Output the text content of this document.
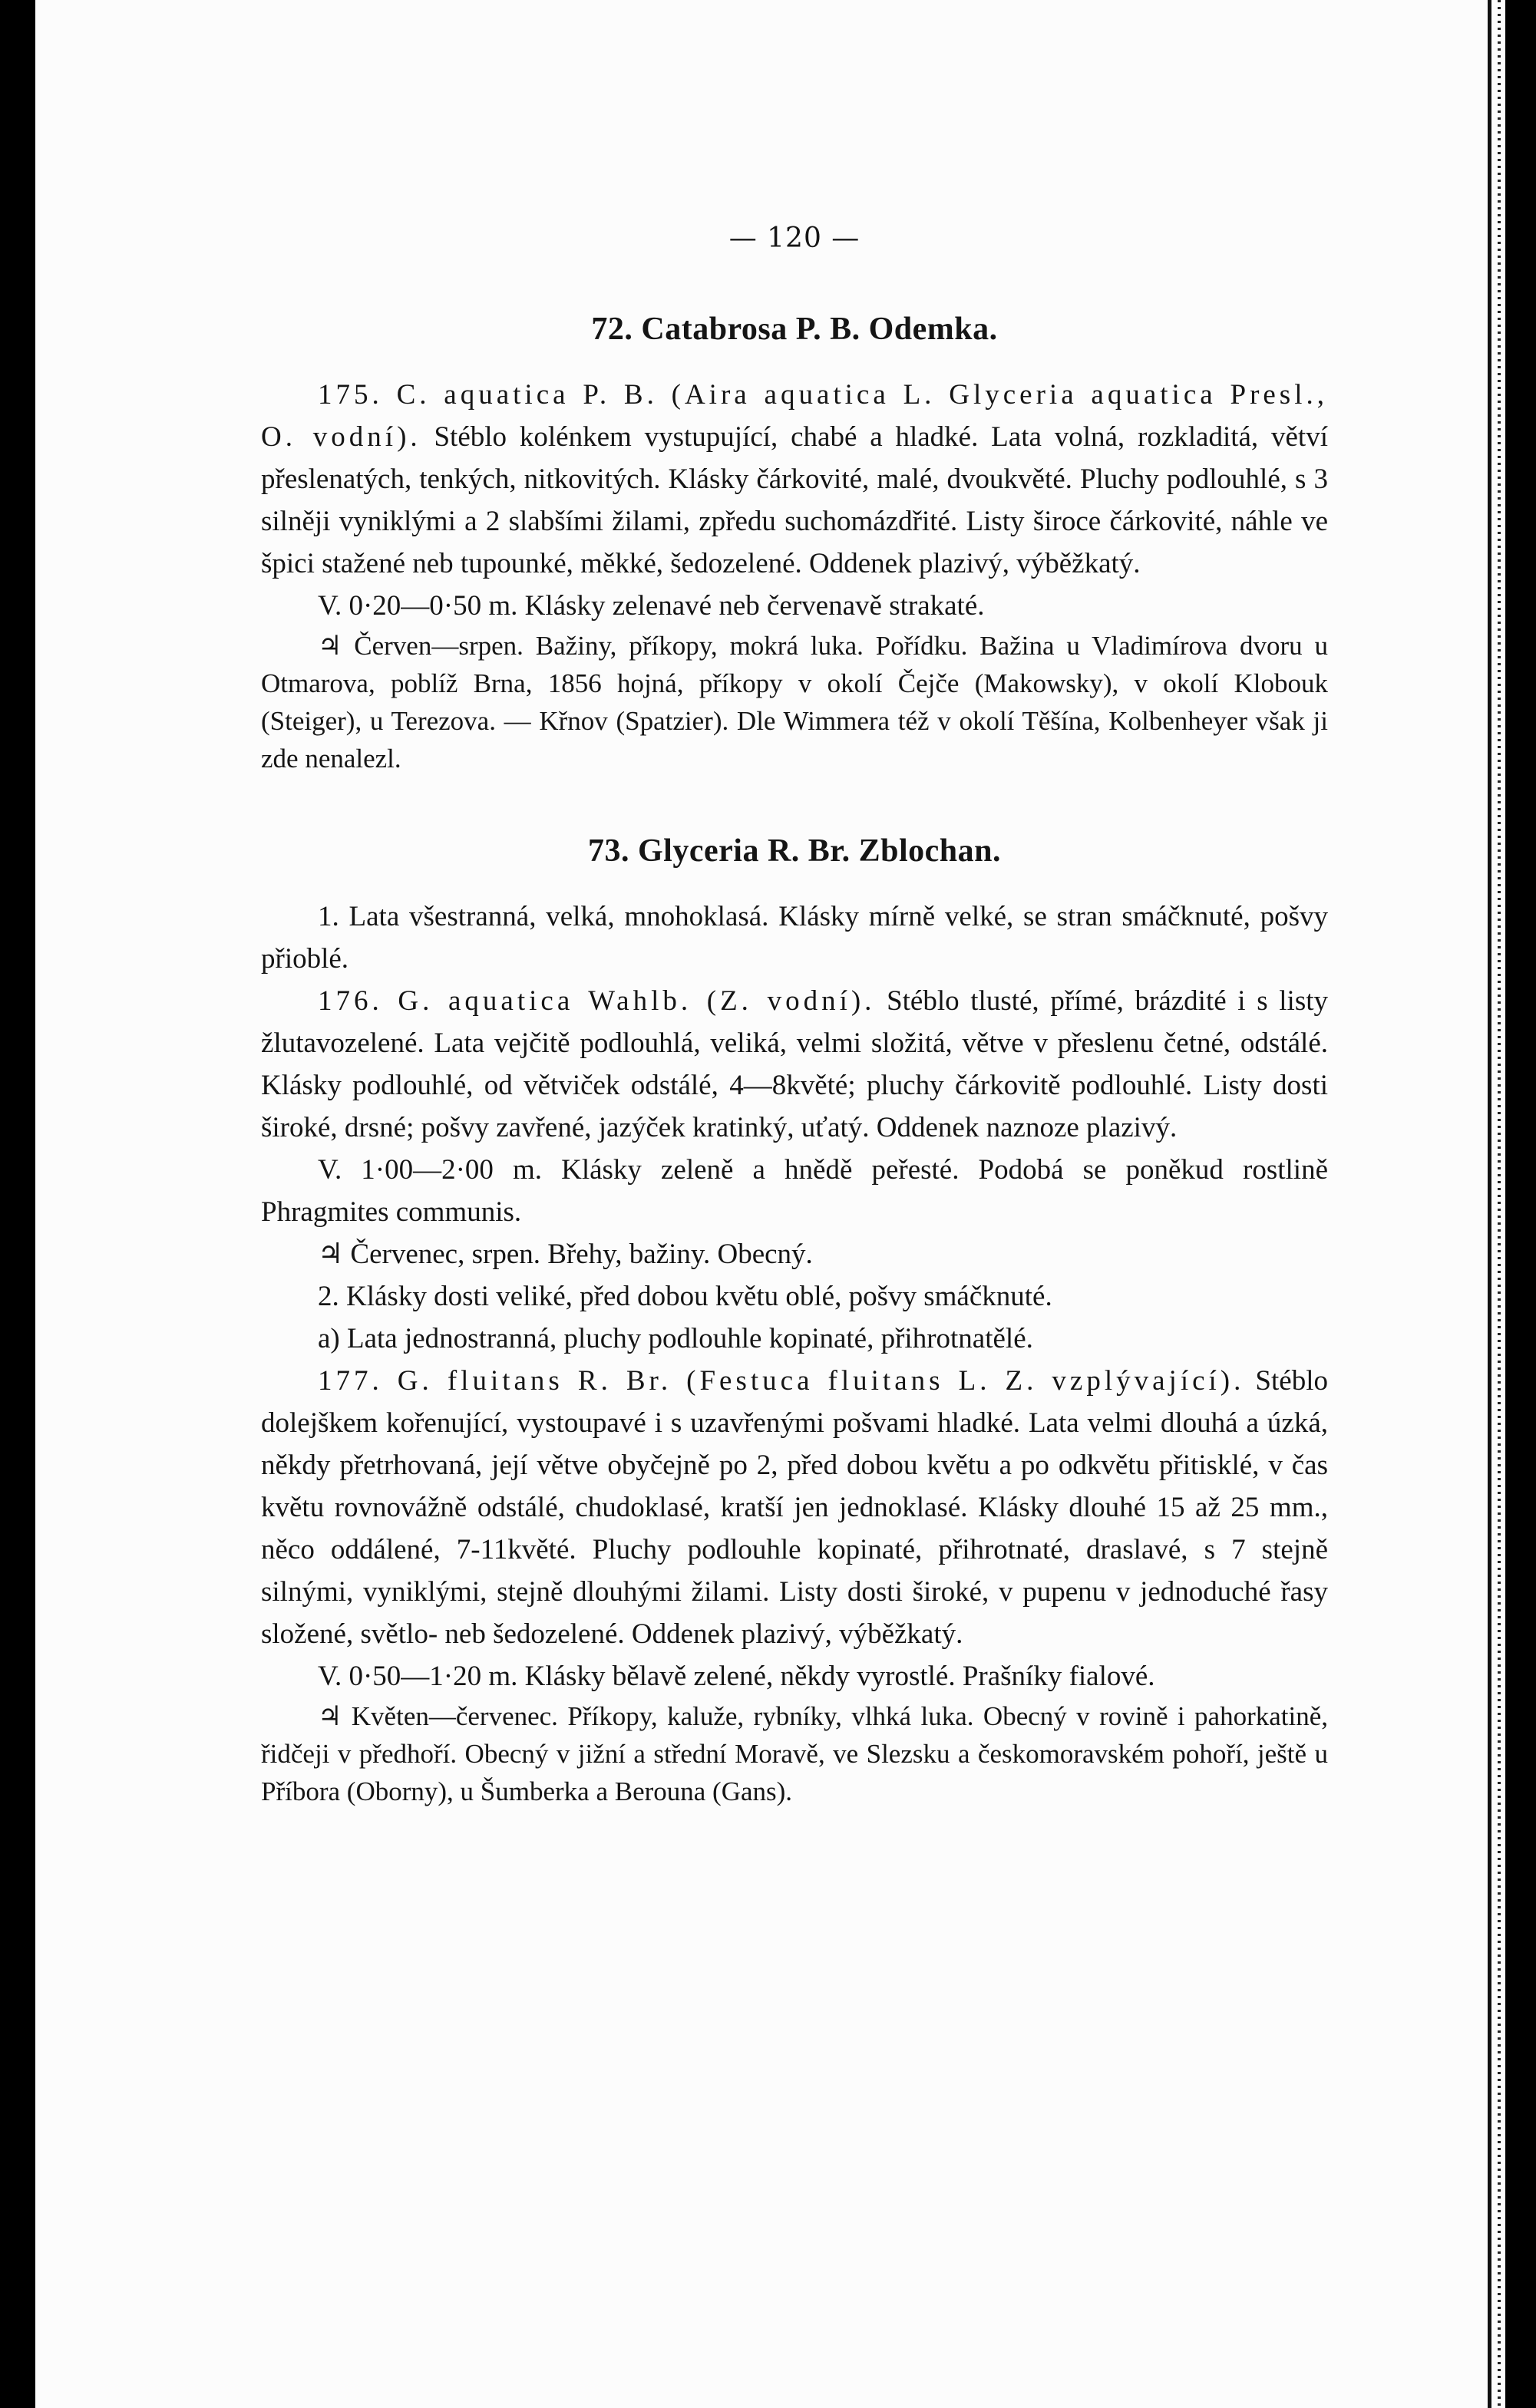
— 120 —
72. Catabrosa P. B. Odemka.

175. C. aquatica P. B. (Aira aquatica L. Glyceria aquatica Presl., O. vodní). Stéblo kolénkem vystupující, chabé a hladké. Lata volná, rozkladitá, větví přeslenatých, tenkých, nitkovitých. Klásky čárkovité, malé, dvoukvěté. Pluchy podlouhlé, s 3 silněji vyniklými a 2 slabšími žilami, zpředu suchomázdřité. Listy široce čárkovité, náhle ve špici stažené neb tupounké, měkké, šedozelené. Oddenek plazivý, výběžkatý.

V. 0·20—0·50 m. Klásky zelenavé neb červenavě strakaté.

♃ Červen—srpen. Bažiny, příkopy, mokrá luka. Pořídku. Bažina u Vladimírova dvoru u Otmarova, poblíž Brna, 1856 hojná, příkopy v okolí Čejče (Makowsky), v okolí Klobouk (Steiger), u Terezova. — Křnov (Spatzier). Dle Wimmera též v okolí Těšína, Kolbenheyer však ji zde nenalezl.

73. Glyceria R. Br. Zblochan.

1. Lata všestranná, velká, mnohoklasá. Klásky mírně velké, se stran smáčknuté, pošvy přioblé.

176. G. aquatica Wahlb. (Z. vodní). Stéblo tlusté, přímé, brázdité i s listy žlutavozelené. Lata vejčitě podlouhlá, veliká, velmi složitá, větve v přeslenu četné, odstálé. Klásky podlouhlé, od větviček odstálé, 4—8květé; pluchy čárkovitě podlouhlé. Listy dosti široké, drsné; pošvy zavřené, jazýček kratinký, uťatý. Oddenek naznoze plazivý.

V. 1·00—2·00 m. Klásky zeleně a hnědě peřesté. Podobá se poněkud rostlině Phragmites communis.

♃ Červenec, srpen. Břehy, bažiny. Obecný.

2. Klásky dosti veliké, před dobou květu oblé, pošvy smáčknuté.

a) Lata jednostranná, pluchy podlouhle kopinaté, přihrotnatělé.

177. G. fluitans R. Br. (Festuca fluitans L. Z. vzplývající). Stéblo dolejškem kořenující, vystoupavé i s uzavřenými pošvami hladké. Lata velmi dlouhá a úzká, někdy přetrhovaná, její větve obyčejně po 2, před dobou květu a po odkvětu přitisklé, v čas květu rovnovážně odstálé, chudoklasé, kratší jen jednoklasé. Klásky dlouhé 15 až 25 mm., něco oddálené, 7-11květé. Pluchy podlouhle kopinaté, přihrotnaté, draslavé, s 7 stejně silnými, vyniklými, stejně dlouhými žilami. Listy dosti široké, v pupenu v jednoduché řasy složené, světlo- neb šedozelené. Oddenek plazivý, výběžkatý.

V. 0·50—1·20 m. Klásky bělavě zelené, někdy vyrostlé. Prašníky fialové.

♃ Květen—červenec. Příkopy, kaluže, rybníky, vlhká luka. Obecný v rovině i pahorkatině, řidčeji v předhoří. Obecný v jižní a střední Moravě, ve Slezsku a českomoravském pohoří, ještě u Příbora (Oborny), u Šumberka a Berouna (Gans).
